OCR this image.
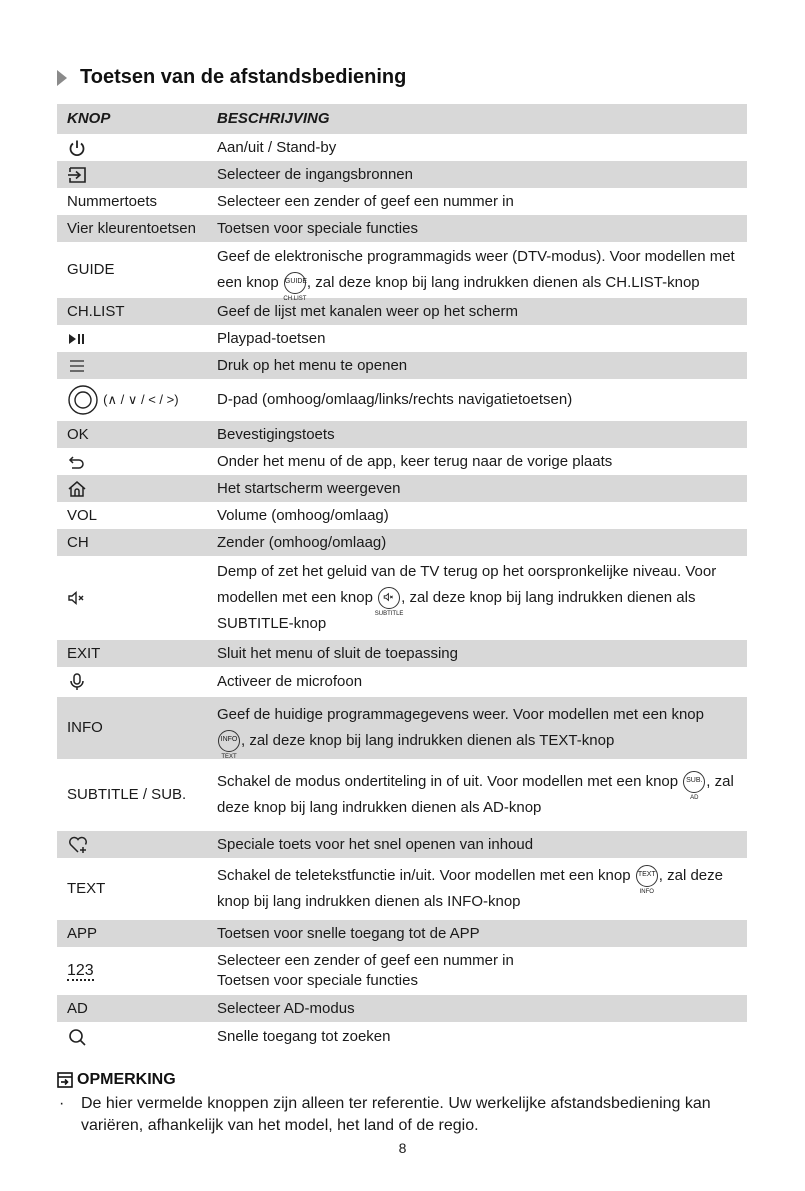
Toetsen van de afstandsbediening
KNOP	BESCHRIJVING

	Aan/uit / Stand-by

	Selecteer de ingangsbronnen
Nummertoets	Selecteer een zender of geef een nummer in
Vier kleurentoetsen	Toetsen voor speciale functies
GUIDE	Geef de elektronische programmagids weer (DTV-modus). Voor modellen met een knop GUIDE
CH.LIST
, zal deze knop bij lang indrukken dienen als CH.LIST-knop
CH.LIST	Geef de lijst met kanalen weer op het scherm

	Playpad-toetsen

	Druk op het menu te openen

(∧ / ∨ / < / >)	D-pad (omhoog/omlaag/links/rechts navigatietoetsen)
OK	Bevestigingstoets

	Onder het menu of de app, keer terug naar de vorige plaats

	Het startscherm weergeven
VOL	Volume (omhoog/omlaag)
CH	Zender (omhoog/omlaag)

	Demp of zet het geluid van de TV terug op het oorspronkelijke niveau. Voor modellen met een knop
SUBTITLE
, zal deze knop bij lang indrukken dienen als SUBTITLE-knop
EXIT	Sluit het menu of sluit de toepassing

	Activeer de microfoon
INFO	Geef de huidige programmagegevens weer. Voor modellen met een knop
INFO
TEXT
, zal deze knop bij lang indrukken dienen als TEXT-knop
SUBTITLE / SUB.	Schakel de modus ondertiteling in of uit. Voor modellen met een knop SUB.
AD
, zal deze knop bij lang indrukken dienen als AD-knop

	Speciale toets voor het snel openen van inhoud
TEXT	Schakel de teletekstfunctie in/uit. Voor modellen met een knop TEXT
INFO
, zal deze knop bij lang indrukken dienen als INFO-knop
APP	Toetsen voor snelle toegang tot de APP
123	Selecteer een zender of geef een nummer in
Toetsen voor speciale functies
AD	Selecteer AD-modus

	Snelle toegang tot zoeken
OPMERKING
·	De hier vermelde knoppen zijn alleen ter referentie. Uw werkelijke afstandsbediening kan variëren, afhankelijk van het model, het land of de regio.
8
